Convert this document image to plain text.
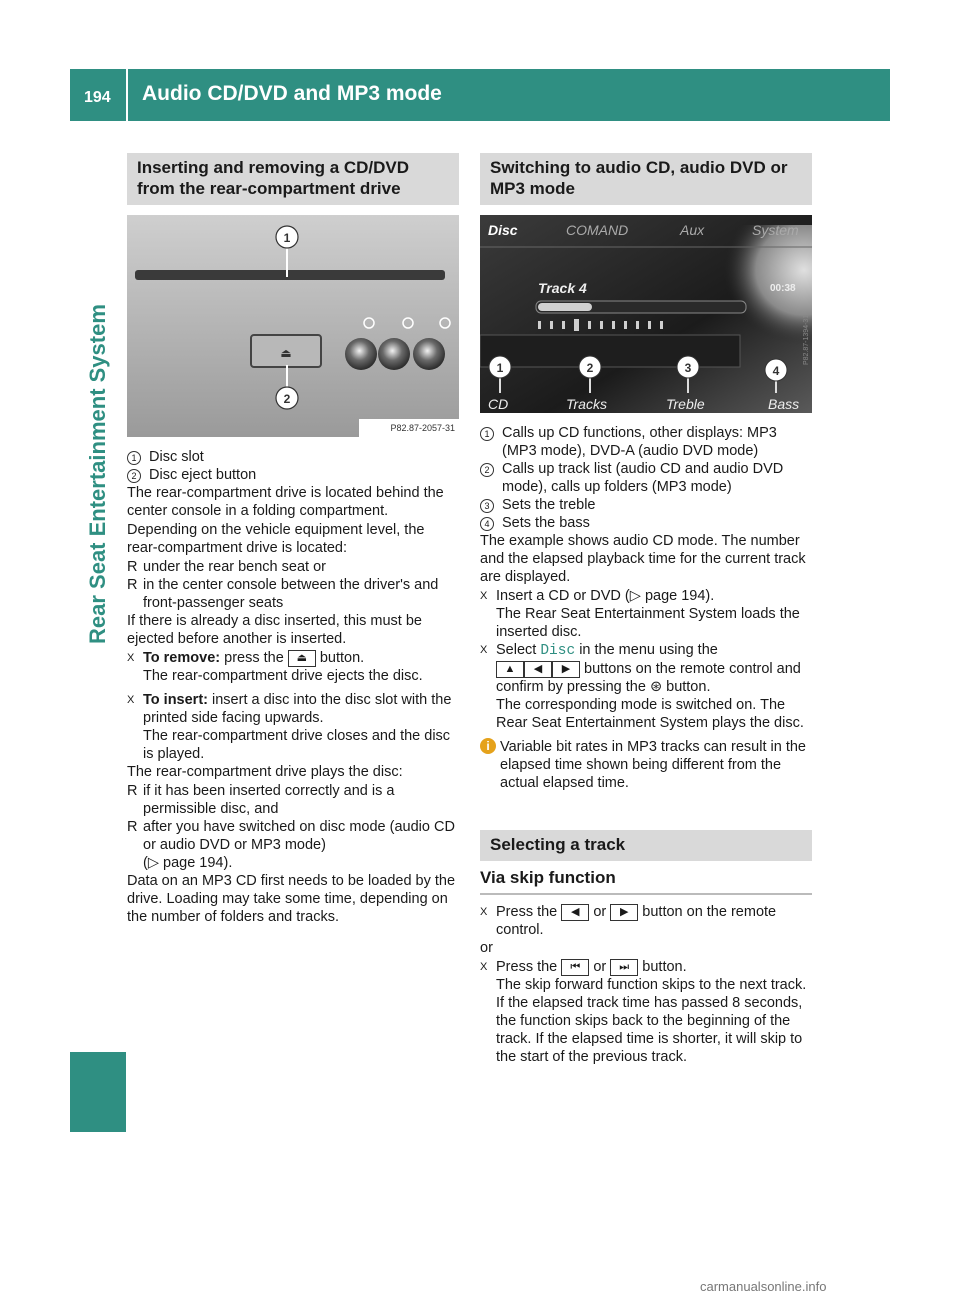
194 Audio CD/DVD and MP3 mode
Rear Seat Entertainment System
Inserting and removing a CD/DVD from the rear-compartment drive
⏏
1
2
P82.87-2057-31
1 Disc slot
2 Disc eject button

The rear-compartment drive is located behind the center console in a folding compartment.

Depending on the vehicle equipment level, the rear-compartment drive is located:

R under the rear bench seat or
R in the center console between the driver's and front-passenger seats

If there is already a disc inserted, this must be ejected before another is inserted.

X To remove: press the ⏏ button.
The rear-compartment drive ejects the disc.
X To insert: insert a disc into the disc slot with the printed side facing upwards.
The rear-compartment drive closes and the disc is played.

The rear-compartment drive plays the disc:

R if it has been inserted correctly and is a permissible disc, and
R after you have switched on disc mode (audio CD or audio DVD or MP3 mode)
(▷ page 194).

Data on an MP3 CD first needs to be loaded by the drive. Loading may take some time, depending on the number of folders and tracks.

Switching to audio CD, audio DVD or MP3 mode
Disc	COMAND	Aux	System
Track 4	00:38
1	2	3	4
CD	Tracks	Treble	Bass
P82.87-1394-31
1 Calls up CD functions, other displays: MP3 (MP3 mode), DVD-A (audio DVD mode)
2 Calls up track list (audio CD and audio DVD mode), calls up folders (MP3 mode)
3 Sets the treble
4 Sets the bass

The example shows audio CD mode. The number and the elapsed playback time for the current track are displayed.

X Insert a CD or DVD (▷ page 194).
The Rear Seat Entertainment System loads the inserted disc.
X Select Disc in the menu using the
▲ ◀ ▶ buttons on the remote control and confirm by pressing the ⊛ button.
The corresponding mode is switched on. The Rear Seat Entertainment System plays the disc.
i Variable bit rates in MP3 tracks can result in the elapsed time shown being different from the actual elapsed time.
Selecting a track
Via skip function
X Press the ◀ or ▶ button on the remote control.

or

X Press the ⏮ or ⏭ button.
The skip forward function skips to the next track.
If the elapsed track time has passed 8 seconds, the function skips back to the beginning of the track. If the elapsed time is shorter, it will skip to the start of the previous track.
carmanualsonline.info
